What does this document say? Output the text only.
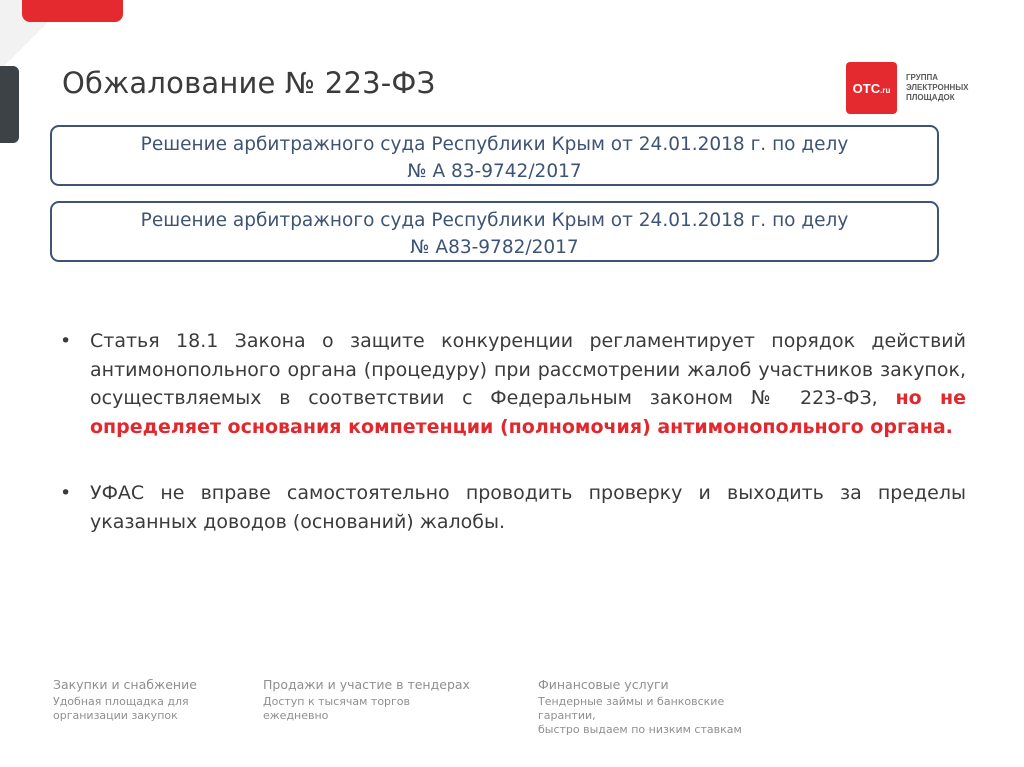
Обжалование № 223-ФЗ	OTC.ru
ГРУППА
ЭЛЕКТРОННЫХ
ПЛОЩАДОК
Решение арбитражного суда Республики Крым от 24.01.2018 г. по делу
№ А 83-9742/2017
Решение арбитражного суда Республики Крым от 24.01.2018 г. по делу
№ А83-9782/2017
• Статья 18.1 Закона о защите конкуренции регламентирует порядок действий антимонопольного органа (процедуру) при рассмотрении жалоб участников закупок, осуществляемых в соответствии с Федеральным законом № 223-ФЗ, но не определяет основания компетенции (полномочия) антимонопольного органа.
• УФАС не вправе самостоятельно проводить проверку и выходить за пределы указанных доводов (оснований) жалобы.
Закупки и снабжение
Удобная площадка для
организации закупок
Продажи и участие в тендерах
Доступ к тысячам торгов
ежедневно
Финансовые услуги
Тендерные займы и банковские
гарантии,
быстро выдаем по низким ставкам
